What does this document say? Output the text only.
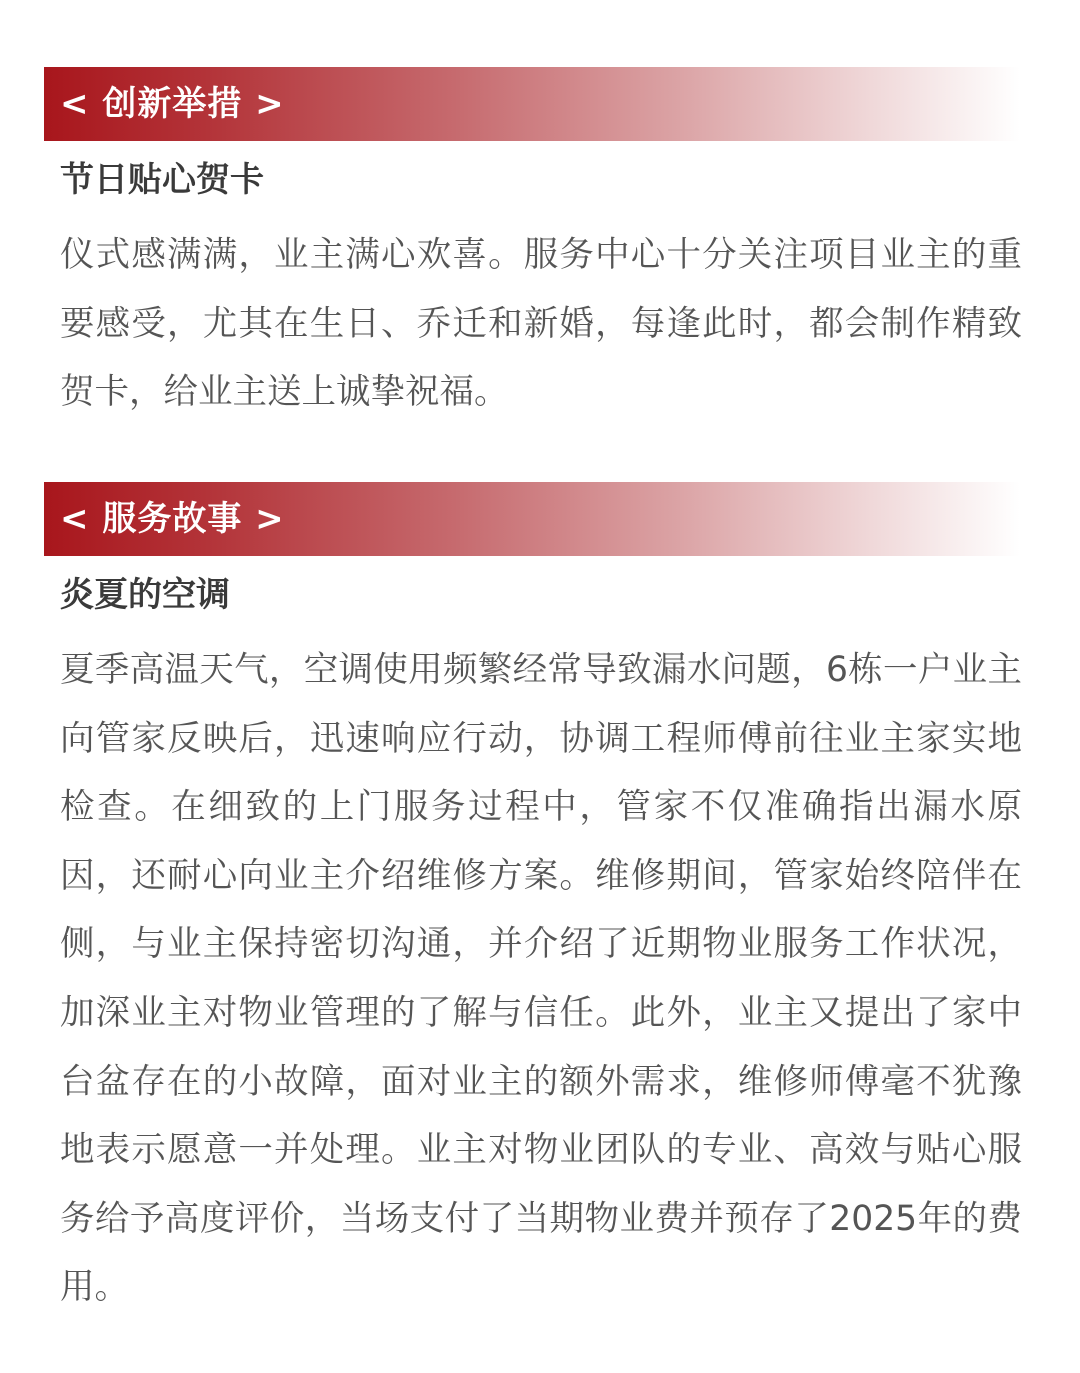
< 创新举措 >
节日贴心贺卡
仪式感满满，业主满心欢喜。服务中心十分关注项目业主的重要感受，尤其在生日、乔迁和新婚，每逢此时，都会制作精致贺卡，给业主送上诚挚祝福。
< 服务故事 >
炎夏的空调
夏季高温天气，空调使用频繁经常导致漏水问题，6栋一户业主向管家反映后，迅速响应行动，协调工程师傅前往业主家实地检查。在细致的上门服务过程中，管家不仅准确指出漏水原因，还耐心向业主介绍维修方案。维修期间，管家始终陪伴在侧，与业主保持密切沟通，并介绍了近期物业服务工作状况，加深业主对物业管理的了解与信任。此外，业主又提出了家中台盆存在的小故障，面对业主的额外需求，维修师傅毫不犹豫地表示愿意一并处理。业主对物业团队的专业、高效与贴心服务给予高度评价，当场支付了当期物业费并预存了2025年的费用。
